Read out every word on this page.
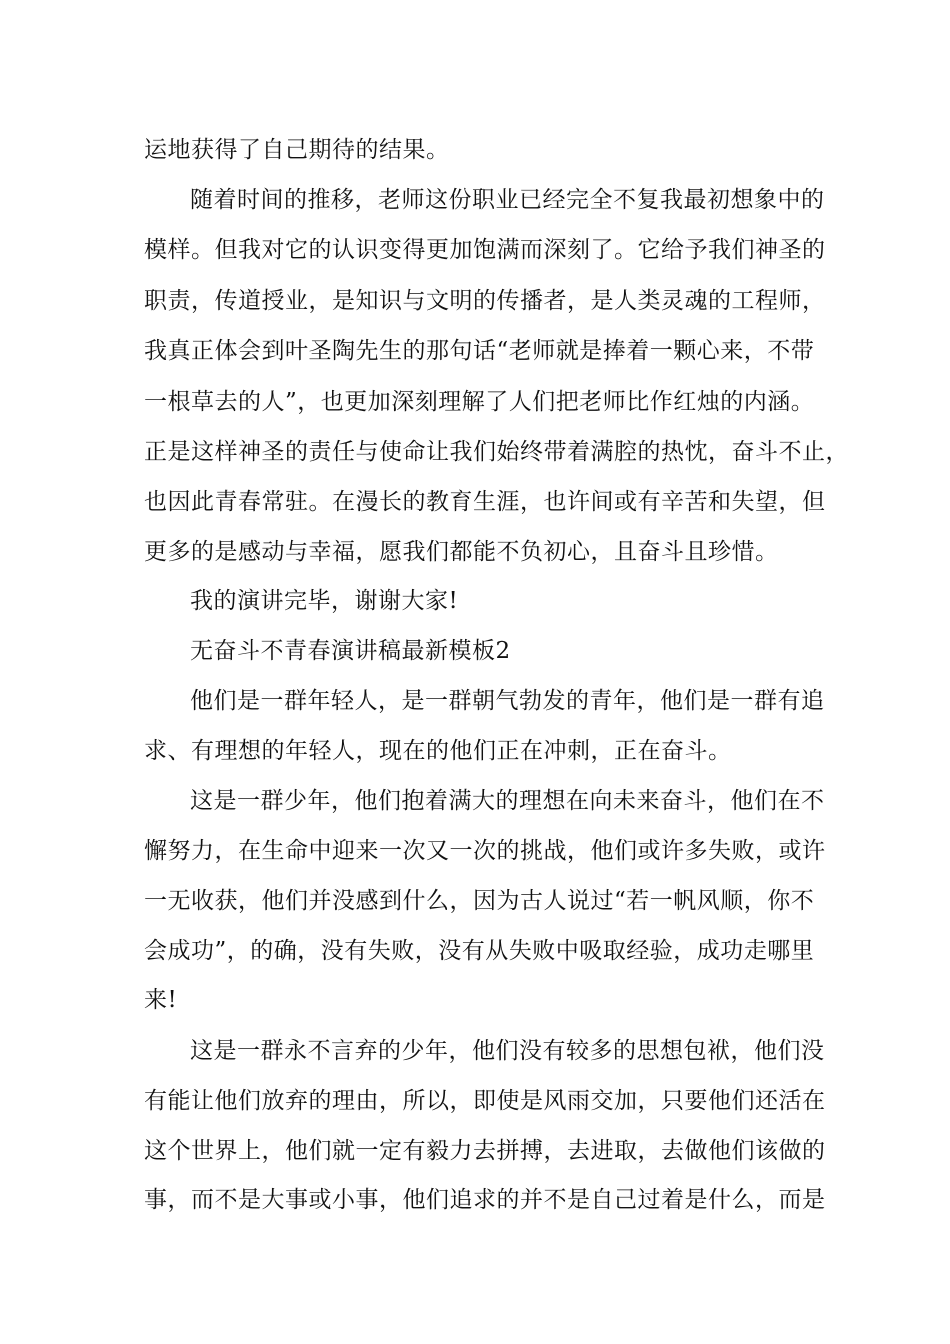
运地获得了自己期待的结果。
随着时间的推移，老师这份职业已经完全不复我最初想象中的
模样。但我对它的认识变得更加饱满而深刻了。它给予我们神圣的
职责，传道授业，是知识与文明的传播者，是人类灵魂的工程师，
我真正体会到叶圣陶先生的那句话“老师就是捧着一颗心来，不带
一根草去的人”，也更加深刻理解了人们把老师比作红烛的内涵。
正是这样神圣的责任与使命让我们始终带着满腔的热忱，奋斗不止，
也因此青春常驻。在漫长的教育生涯，也许间或有辛苦和失望，但
更多的是感动与幸福，愿我们都能不负初心，且奋斗且珍惜。
我的演讲完毕，谢谢大家!
无奋斗不青春演讲稿最新模板2
他们是一群年轻人，是一群朝气勃发的青年，他们是一群有追
求、有理想的年轻人，现在的他们正在冲刺，正在奋斗。
这是一群少年，他们抱着满大的理想在向未来奋斗，他们在不
懈努力，在生命中迎来一次又一次的挑战，他们或许多失败，或许
一无收获，他们并没感到什么，因为古人说过“若一帆风顺，你不
会成功”，的确，没有失败，没有从失败中吸取经验，成功走哪里
来!
这是一群永不言弃的少年，他们没有较多的思想包袱，他们没
有能让他们放弃的理由，所以，即使是风雨交加，只要他们还活在
这个世界上，他们就一定有毅力去拼搏，去进取，去做他们该做的
事，而不是大事或小事，他们追求的并不是自己过着是什么，而是
